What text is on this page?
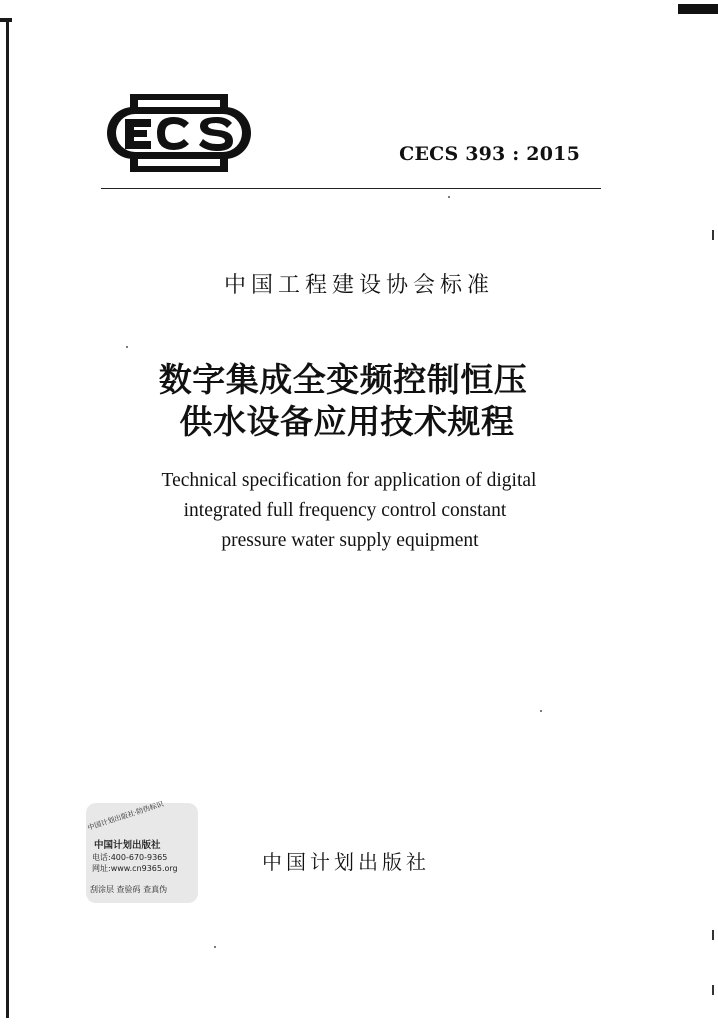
CECS 393 : 2015
中国工程建设协会标准
数字集成全变频控制恒压
供水设备应用技术规程
Technical specification for application of digital
integrated full frequency control constant
pressure water supply equipment
中国计划出版社·防伪标识
中国计划出版社
电话:400-670-9365
网址:www.cn9365.org
刮涂层 查验码 查真伪
中国计划出版社
